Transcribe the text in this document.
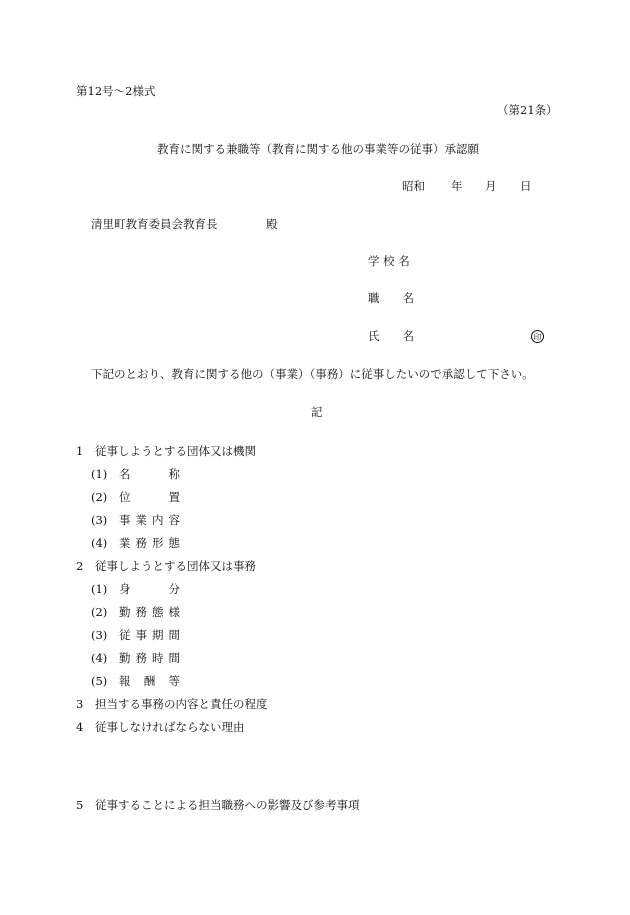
第12号～2様式
（第21条）
教育に関する兼職等（教育に関する他の事業等の従事）承認願
昭和 年 月 日
清里町教育委員会教育長	殿
学 校 名
職　　名
氏　　名	印
下記のとおり、教育に関する他の（事業）（事務）に従事したいので承認して下さい。
記
1 従事しようとする団体又は機関
(1) 名	称
(2) 位	置
(3) 事 業 内 容
(4) 業 務 形 態
2 従事しようとする団体又は事務
(1) 身	分
(2) 勤 務 態 様
(3) 従 事 期 間
(4) 勤 務 時 間
(5) 報 酬 等
3 担当する事務の内容と責任の程度
4 従事しなければならない理由
5 従事することによる担当職務への影響及び参考事項
